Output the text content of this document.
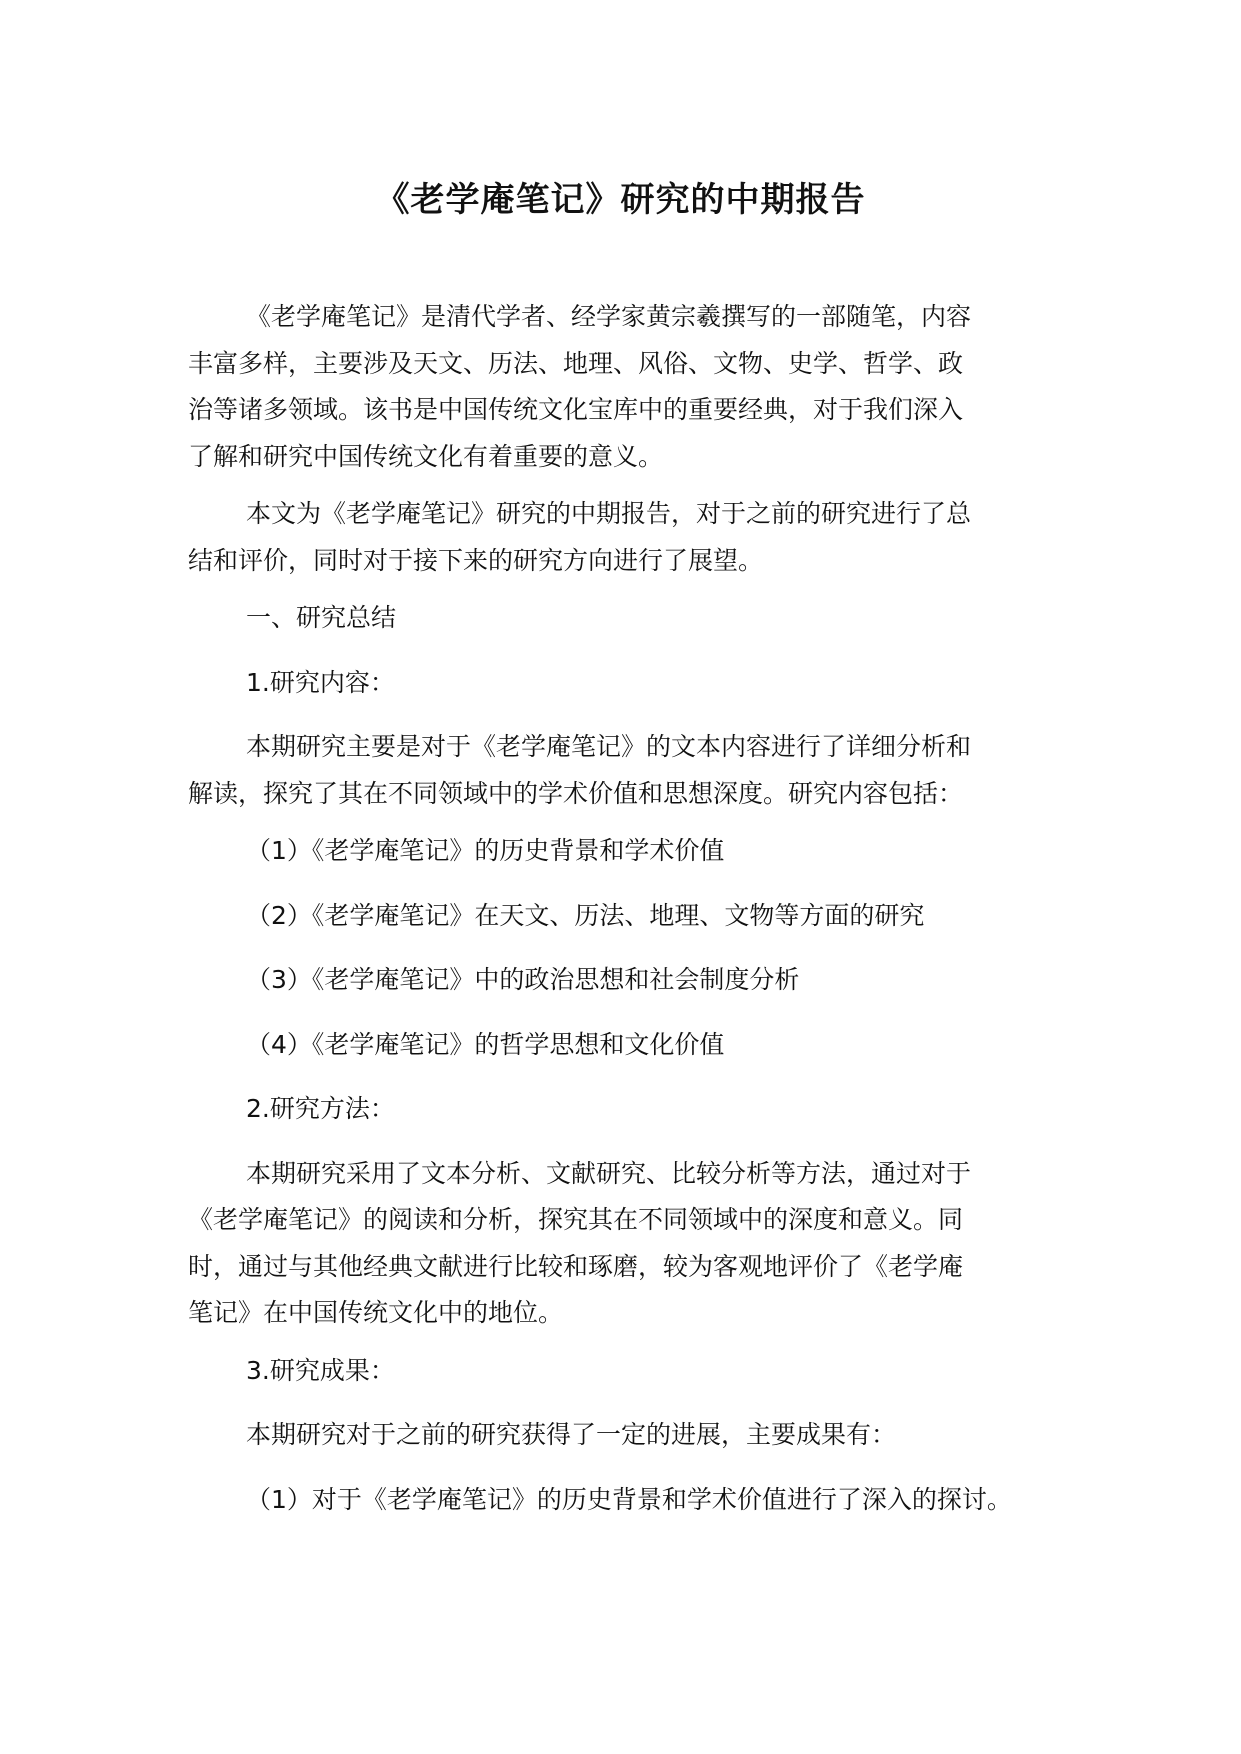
《老学庵笔记》研究的中期报告
《老学庵笔记》是清代学者、经学家黄宗羲撰写的一部随笔，内容
丰富多样，主要涉及天文、历法、地理、风俗、文物、史学、哲学、政
治等诸多领域。该书是中国传统文化宝库中的重要经典，对于我们深入
了解和研究中国传统文化有着重要的意义。
本文为《老学庵笔记》研究的中期报告，对于之前的研究进行了总
结和评价，同时对于接下来的研究方向进行了展望。
一、研究总结
1.研究内容：
本期研究主要是对于《老学庵笔记》的文本内容进行了详细分析和
解读，探究了其在不同领域中的学术价值和思想深度。研究内容包括：
（1）《老学庵笔记》的历史背景和学术价值
（2）《老学庵笔记》在天文、历法、地理、文物等方面的研究
（3）《老学庵笔记》中的政治思想和社会制度分析
（4）《老学庵笔记》的哲学思想和文化价值
2.研究方法：
本期研究采用了文本分析、文献研究、比较分析等方法，通过对于
《老学庵笔记》的阅读和分析，探究其在不同领域中的深度和意义。同
时，通过与其他经典文献进行比较和琢磨，较为客观地评价了《老学庵
笔记》在中国传统文化中的地位。
3.研究成果：
本期研究对于之前的研究获得了一定的进展，主要成果有：
（1）对于《老学庵笔记》的历史背景和学术价值进行了深入的探讨。
